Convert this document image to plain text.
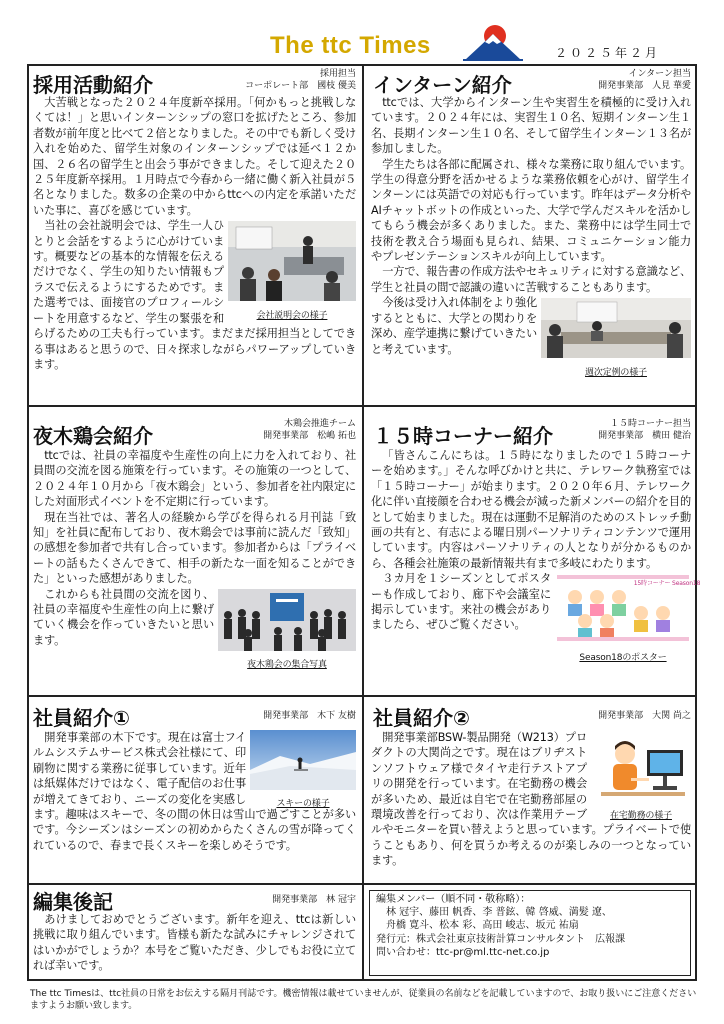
The ttc Times	２０２５年２月
採用活動紹介	採用担当
コーポレート部　國枝 優美

大苦戦となった２０２４年度新卒採用。「何かもっと挑戦しなくては！」と思いインターンシップの窓口を拡げたところ、参加者数が前年度と比べて２倍となりました。その中でも新しく受け入れを始めた、留学生対象のインターンシップでは延べ１２か国、２６名の留学生と出会う事ができました。そして迎えた２０２５年度新卒採用。１月時点で今春から一緒に働く新入社員が５名となりました。数多の企業の中からttcへの内定を承諾いただいた事に、喜びを感じています。

会社説明会の様子

当社の会社説明会では、学生一人ひとりと会話をするように心がけています。概要などの基本的な情報を伝えるだけでなく、学生の知りたい情報もプラスで伝えるようにするためです。また選考では、面接官のプロフィールシートを用意するなど、学生の緊張を和らげるための工夫も行っています。まだまだ採用担当としてできる事はあると思うので、日々探求しながらパワーアップしていきます。

インターン紹介	インターン担当
開発事業部　人見 華愛

ttcでは、大学からインターン生や実習生を積極的に受け入れています。２０２４年には、実習生１０名、短期インターン生１名、長期インターン生１０名、そして留学生インターン１３名が参加しました。

学生たちは各部に配属され、様々な業務に取り組んでいます。学生の得意分野を活かせるような業務依頼を心がけ、留学生インターンには英語での対応も行っています。昨年はデータ分析やAIチャットボットの作成といった、大学で学んだスキルを活かしてもらう機会が多くありました。また、業務中には学生同士で技術を教え合う場面も見られ、結果、コミュニケーション能力やプレゼンテーションスキルが向上しています。

一方で、報告書の作成方法やセキュリティに対する意識など、学生と社員の間で認識の違いに苦戦することもあります。

週次定例の様子

今後は受け入れ体制をより強化するとともに、大学との関わりを深め、産学連携に繋げていきたいと考えています。

夜木鶏会紹介	木鶏会推進チーム
開発事業部　松嶋 拓也

ttcでは、社員の幸福度や生産性の向上に力を入れており、社員間の交流を図る施策を行っています。その施策の一つとして、２０２４年１０月から「夜木鶏会」という、参加者を社内限定にした対面形式イベントを不定期に行っています。

現在当社では、著名人の経験から学びを得られる月刊誌「致知」を社員に配布しており、夜木鶏会では事前に読んだ「致知」の感想を参加者で共有し合っています。参加者からは「プライベートの話もたくさんできて、相手の新たな一面を知ることができた」といった感想がありました。

夜木鶏会の集合写真

これからも社員間の交流を図り、社員の幸福度や生産性の向上に繋げていく機会を作っていきたいと思います。

１５時コーナー紹介	１５時コーナー担当
開発事業部　横田 健治

「皆さんこんにちは。１５時になりましたので１５時コーナーを始めます。」そんな呼びかけと共に、テレワーク執務室では「１５時コーナー」が始まります。２０２０年６月、テレワーク化に伴い直接顔を合わせる機会が減った新メンバーの紹介を目的として始まりました。現在は運動不足解消のためのストレッチ動画の共有と、有志による曜日別パーソナリティコンテンツで運用しています。内容はパーソナリティの人となりが分かるものから、各種会社施策の最新情報共有まで多岐にわたります。

15時コーナー Season18
Season18のポスター

３カ月を１シーズンとしてポスターも作成しており、廊下や会議室に掲示しています。来社の機会がありましたら、ぜひご覧ください。

社員紹介①	開発事業部　木下 友樹
スキーの様子

開発事業部の木下です。現在は富士フイルムシステムサービス株式会社様にて、印刷物に関する業務に従事しています。近年は紙媒体だけではなく、電子配信のお仕事が増えてきており、ニーズの変化を実感します。趣味はスキーで、冬の間の休日は雪山で過ごすことが多いです。今シーズンはシーズンの初めからたくさんの雪が降ってくれているので、春まで長くスキーを楽しめそうです。

社員紹介②	開発事業部　大関 尚之
在宅勤務の様子

開発事業部BSW-製品開発（W213）プロダクトの大関尚之です。現在はブリヂストンソフトウェア様でタイヤ走行テストアプリの開発を行っています。在宅勤務の機会が多いため、最近は自宅で在宅勤務部屋の環境改善を行っており、次は作業用テーブルやモニターを買い替えようと思っています。プライベートで使うこともあり、何を買うか考えるのが楽しみの一つとなっています。

編集後記	開発事業部　林 冠宇

あけましておめでとうございます。新年を迎え、ttcは新しい挑戦に取り組んでいます。皆様も新たな試みにチャレンジされてはいかがでしょうか？本号をご覧いただき、少しでもお役に立てれば幸いです。

編集メンバー（順不同・敬称略）：
林 冠宇、藤田 帆香、李 普鉉、韓 啓威、満髪 遼、
舟橋 寛斗、松本 彩、高田 峻志、坂元 祐扇
発行元：株式会社東京技術計算コンサルタント　広報課
問い合わせ：ttc-pr@ml.ttc-net.co.jp
The ttc Timesは、ttc社員の日常をお伝えする隔月刊誌です。機密情報は載せていませんが、従業員の名前などを記載していますので、お取り扱いにご注意くださいますようお願い致します。
